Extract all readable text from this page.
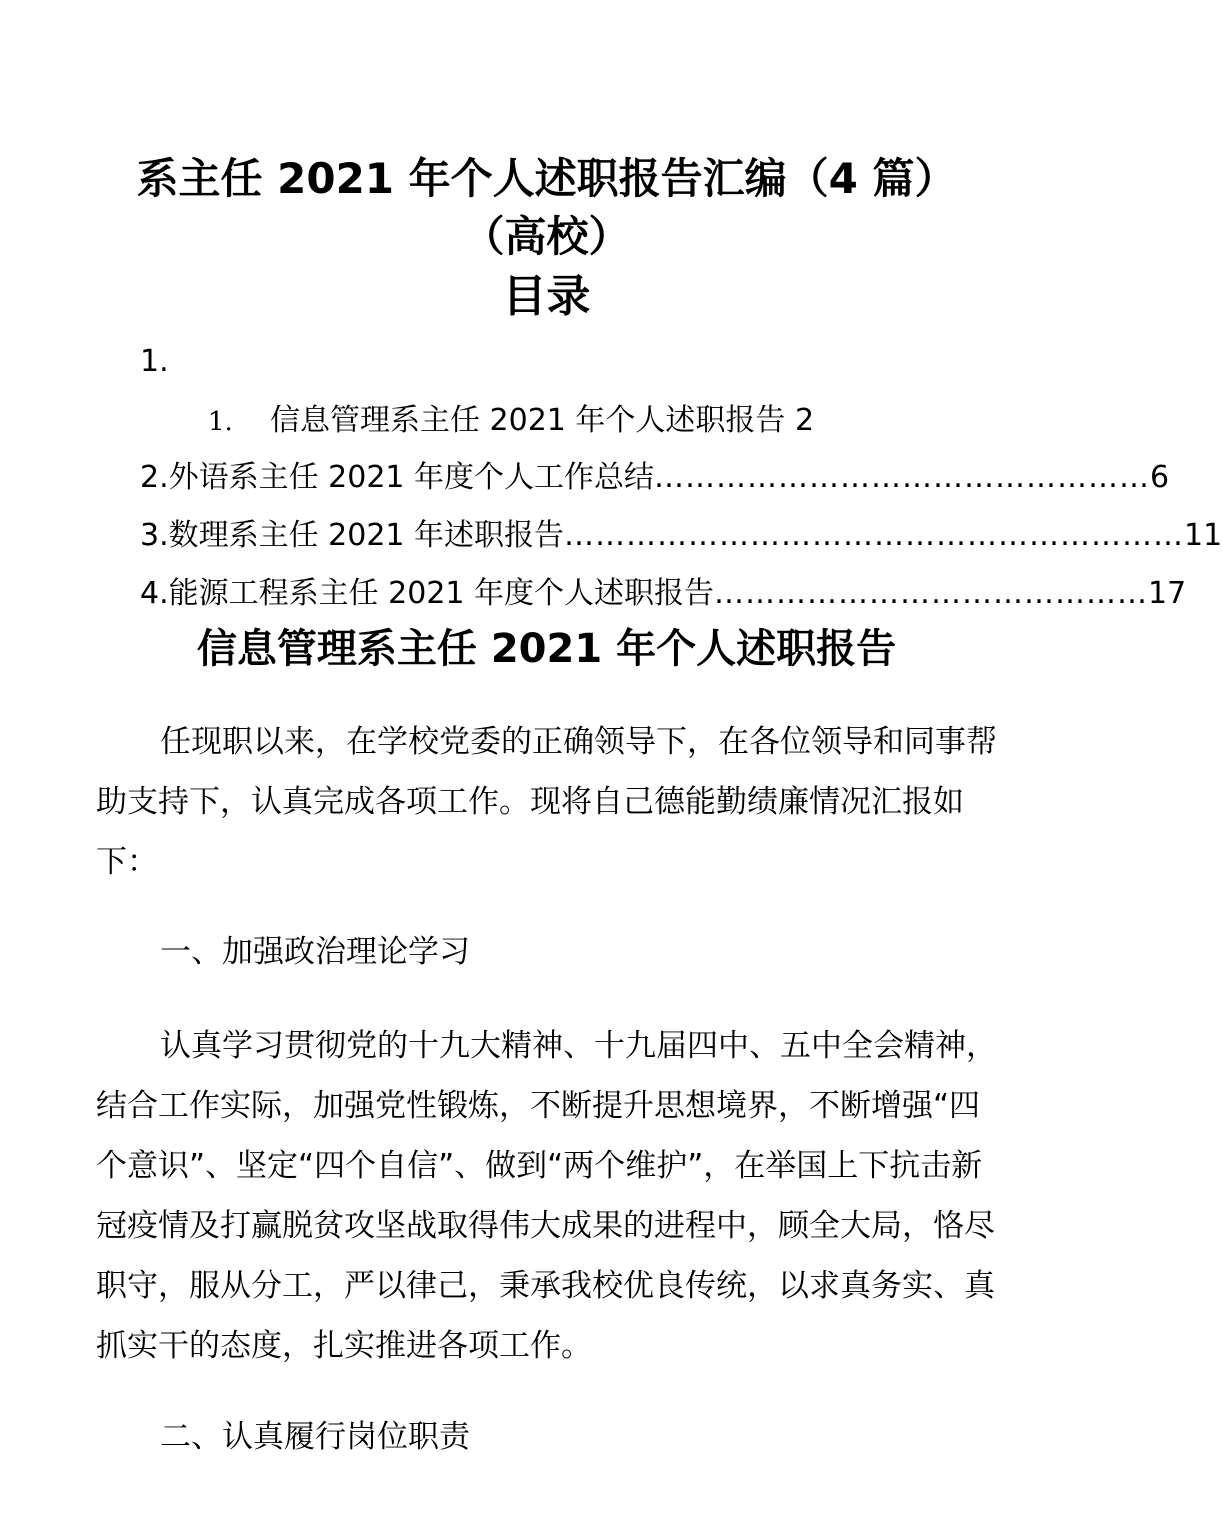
系主任 2021 年个人述职报告汇编（4 篇）
（高校）
目录
1.
1. 信息管理系主任 2021 年个人述职报告 2
2.外语系主任 2021 年度个人工作总结 ………………………………………… 6
3.数理系主任 2021 年述职报告 …………………………………………………… 11
4.能源工程系主任 2021 年度个人述职报告 …………………………………… 17
信息管理系主任 2021 年个人述职报告

任现职以来，在学校党委的正确领导下，在各位领导和同事帮助支持下，认真完成各项工作。现将自己德能勤绩廉情况汇报如下：

一、加强政治理论学习

认真学习贯彻党的十九大精神、十九届四中、五中全会精神，结合工作实际，加强党性锻炼，不断提升思想境界，不断增强“四个意识”、坚定“四个自信”、做到“两个维护”，在举国上下抗击新冠疫情及打赢脱贫攻坚战取得伟大成果的进程中，顾全大局，恪尽职守，服从分工，严以律己，秉承我校优良传统，以求真务实、真抓实干的态度，扎实推进各项工作。

二、认真履行岗位职责
